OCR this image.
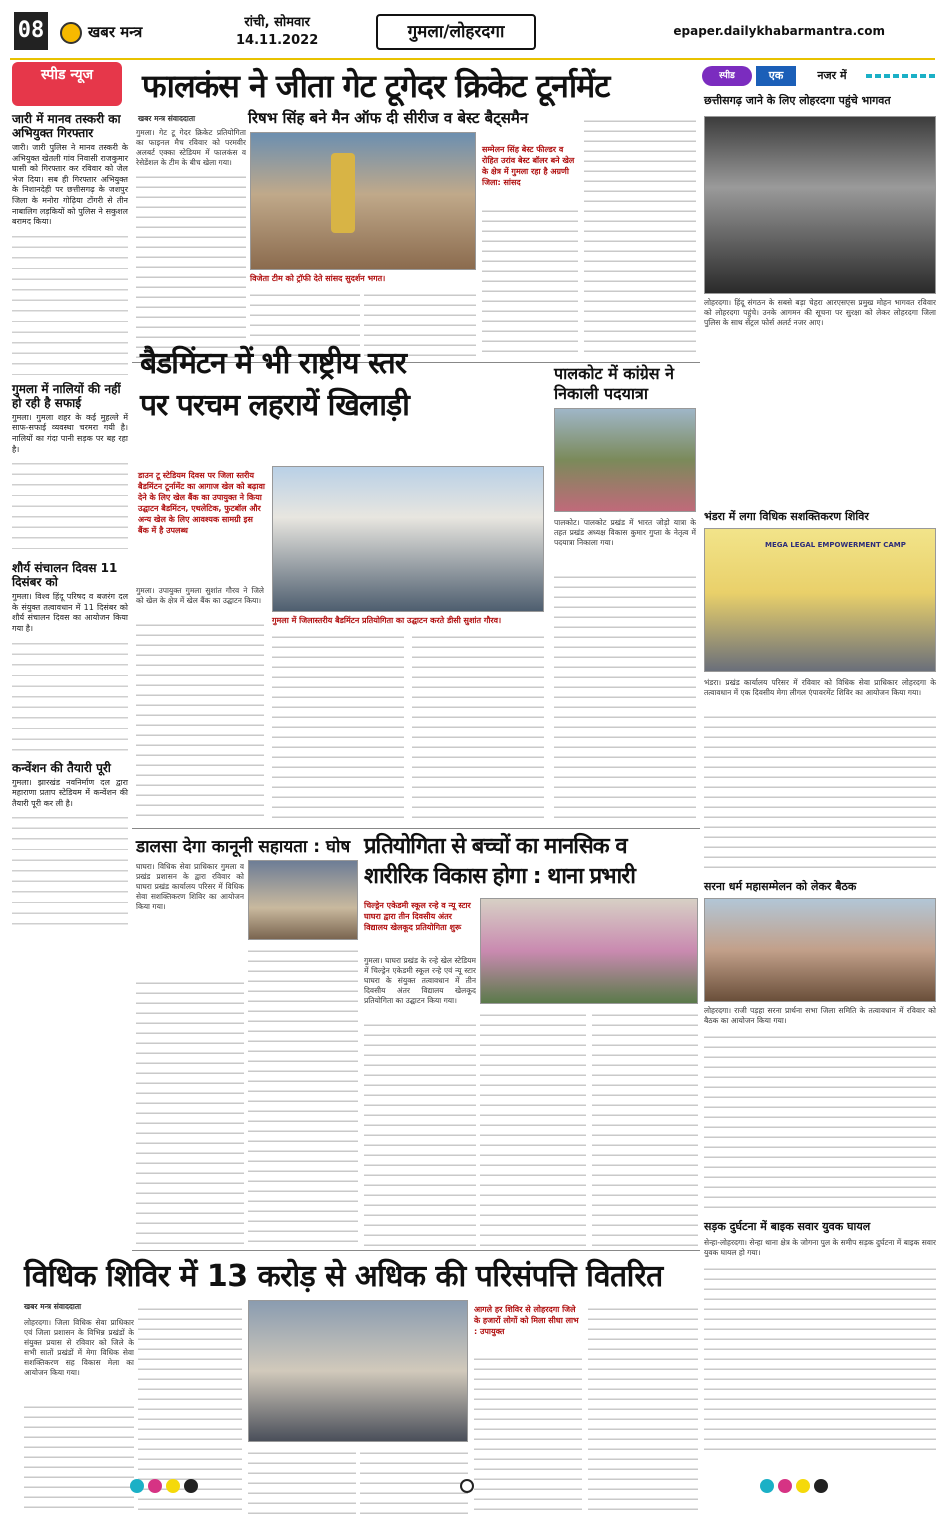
08	खबर मन्त्र
रांची, सोमवार
14.11.2022	गुमला/लोहरदगा	epaper.dailykhabarmantra.com
स्पीड न्यूज
जारी में मानव तस्करी का अभियुक्त गिरफ्तार
जारी। जारी पुलिस ने मानव तस्करी के अभियुक्त खेतली गांव निवासी राजकुमार घासी को गिरफ्तार कर रविवार को जेल भेज दिया। सब ही गिरफ्तार अभियुक्त के निशानदेही पर छत्तीसगढ़ के जशपुर जिला के मनोरा गोढ़िया टोंगरी से तीन नाबालिग लड़कियों को पुलिस ने सकुशल बरामद किया।
गुमला में नालियों की नहीं हो रही है सफाई
गुमला। गुमला शहर के कई मुहल्ले में साफ-सफाई व्यवस्था चरमरा गयी है। नालियों का गंदा पानी सड़क पर बह रहा है।
शौर्य संचालन दिवस 11 दिसंबर को
गुमला। विश्व हिंदू परिषद व बजरंग दल के संयुक्त तत्वावधान में 11 दिसंबर को शौर्य संचालन दिवस का आयोजन किया गया है।
कन्वेंशन की तैयारी पूरी
गुमला। झारखंड नवनिर्माण दल द्वारा महाराणा प्रताप स्टेडियम में कन्वेंशन की तैयारी पूरी कर ली है।
फालकंस ने जीता गेट टूगेदर क्रिकेट टूर्नामेंट
खबर मन्त्र संवाददाता	रिषभ सिंह बने मैन ऑफ दी सीरीज व बेस्ट बैट्समैन
गुमला। गेट टू गेदर क्रिकेट प्रतियोगिता का फाइनल मैच रविवार को परमवीर अलबर्ट एक्का स्टेडियम में फालकंस व रेसेडेंशल के टीम के बीच खेला गया।
विजेता टीम को ट्रॉफी देते सांसद सुदर्शन भगत।
सम्मेलन सिंह बेस्ट फील्डर व रोहित उरांव बेस्ट बॉलर बने खेल के क्षेत्र में गुमला रहा है अग्रणी जिला: सांसद
बैडमिंटन में भी राष्ट्रीय स्तर
पर परचम लहरायें खिलाड़ी
डाउन टू स्टेडियम दिवस पर जिला स्तरीय बैडमिंटन टूर्नामेंट का आगाज खेल को बढ़ावा देने के लिए खेल बैंक का उपायुक्त ने किया उद्घाटन बैडमिंटन, एथलेटिक, फुटबॉल और अन्य खेल के लिए आवश्यक सामग्री इस बैंक में है उपलब्ध
गुमला में जिलास्तरीय बैडमिंटन प्रतियोगिता का उद्घाटन करते डीसी सुशांत गौरव।
गुमला। उपायुक्त गुमला सुशांत गौरव ने जिले को खेल के क्षेत्र में खेल बैंक का उद्घाटन किया।
पालकोट में कांग्रेस ने निकाली पदयात्रा
पालकोट। पालकोट प्रखंड में भारत जोड़ो यात्रा के तहत प्रखंड अध्यक्ष विकास कुमार गुप्ता के नेतृत्व में पदयात्रा निकाला गया।
डालसा देगा कानूनी सहायता : घोष
घाघरा। विधिक सेवा प्राधिकार गुमला व प्रखंड प्रशासन के द्वारा रविवार को घाघरा प्रखंड कार्यालय परिसर में विधिक सेवा सशक्तिकरण शिविर का आयोजन किया गया।
प्रतियोगिता से बच्चों का मानसिक व
शारीरिक विकास होगा : थाना प्रभारी
चिल्ड्रेन एकेडमी स्कूल रन्हे व न्यू स्टार घाघरा द्वारा तीन दिवसीय अंतर विद्यालय खेलकूद प्रतियोगिता शुरू
गुमला। घाघरा प्रखंड के रन्हे खेल स्टेडियम में चिल्ड्रेन एकेडमी स्कूल रन्हे एवं न्यू स्टार घाघरा के संयुक्त तत्वावधान में तीन दिवसीय अंतर विद्यालय खेलकूद प्रतियोगिता का उद्घाटन किया गया।
विधिक शिविर में 13 करोड़ से अधिक की परिसंपत्ति वितरित
खबर मन्त्र संवाददाता
लोहरदगा। जिला विधिक सेवा प्राधिकार एवं जिला प्रशासन के विभिन्न प्रखंडों के संयुक्त प्रयास से रविवार को जिले के सभी सातों प्रखंडों में मेगा विधिक सेवा सशक्तिकरण सह विकास मेला का आयोजन किया गया।
आगले हर शिविर से लोहरदगा जिले के हजारों लोगों को मिला सीधा लाभ : उपायुक्त
स्पीड	एक	नजर में
छत्तीसगढ़ जाने के लिए लोहरदगा पहुंचे भागवत
लोहरदगा। हिंदू संगठन के सबसे बड़ा चेहरा आरएसएस प्रमुख मोहन भागवत रविवार को लोहरदगा पहुंचे। उनके आगमन की सूचना पर सुरक्षा को लेकर लोहरदगा जिला पुलिस के साथ सेंट्रल फोर्स अलर्ट नजर आए।
भंडरा में लगा विधिक सशक्तिकरण शिविर
MEGA LEGAL EMPOWERMENT CAMP
भंडरा। प्रखंड कार्यालय परिसर में रविवार को विधिक सेवा प्राधिकार लोहरदगा के तत्वावधान में एक दिवसीय मेगा लीगल एंपावरमेंट शिविर का आयोजन किया गया।
सरना धर्म महासम्मेलन को लेकर बैठक
लोहरदगा। राजी पड़हा सरना प्रार्थना सभा जिला समिति के तत्वावधान में रविवार को बैठक का आयोजन किया गया।
सड़क दुर्घटना में बाइक सवार युवक घायल
सेन्हा-लोहरदगा। सेन्हा थाना क्षेत्र के जोगना पुल के समीप सड़क दुर्घटना में बाइक सवार युवक घायल हो गया।
